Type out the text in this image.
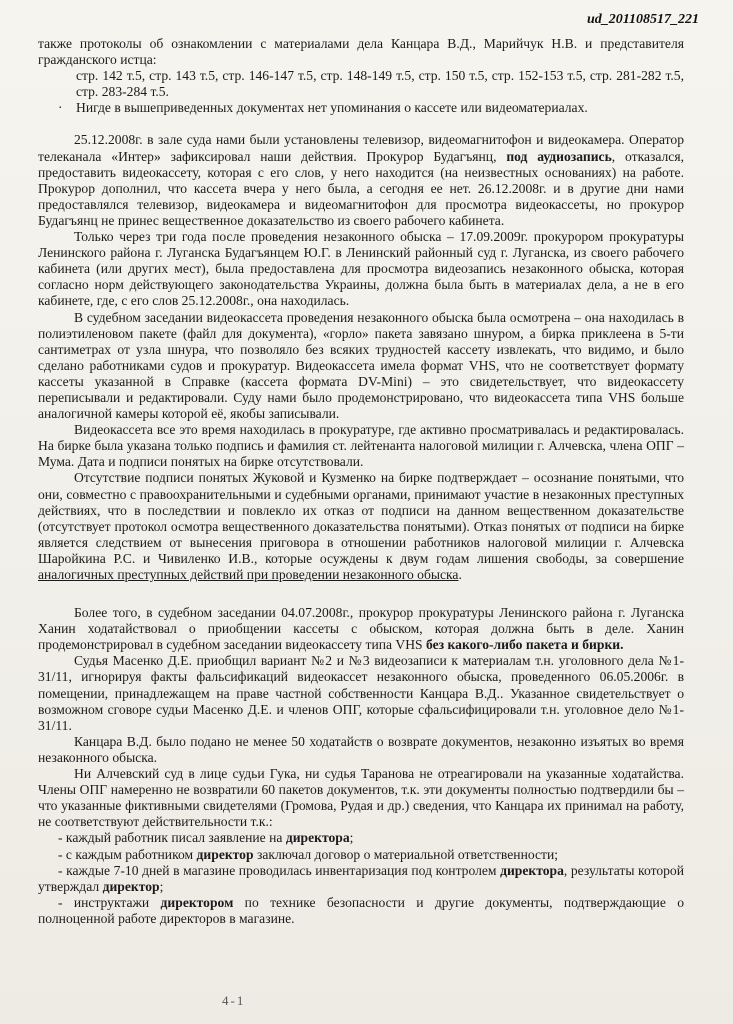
ud_201108517_221

также протоколы об ознакомлении с материалами дела Канцара В.Д., Марийчук Н.В. и представителя гражданского истца:

стр. 142 т.5, стр. 143 т.5, стр. 146-147 т.5, стр. 148-149 т.5, стр. 150 т.5, стр. 152-153 т.5, стр. 281-282 т.5, стр. 283-284 т.5.

· Нигде в вышеприведенных документах нет упоминания о кассете или видеоматериалах.

25.12.2008г. в зале суда нами были установлены телевизор, видеомагнитофон и видеокамера. Оператор телеканала «Интер» зафиксировал наши действия. Прокурор Будагъянц, под аудиозапись, отказался, предоставить видеокассету, которая с его слов, у него находится (на неизвестных основаниях) на работе. Прокурор дополнил, что кассета вчера у него была, а сегодня ее нет. 26.12.2008г. и в другие дни нами предоставлялся телевизор, видеокамера и видеомагнитофон для просмотра видеокассеты, но прокурор Будагъянц не принес вещественное доказательство из своего рабочего кабинета.

Только через три года после проведения незаконного обыска – 17.09.2009г. прокурором прокуратуры Ленинского района г. Луганска Будагъянцем Ю.Г. в Ленинский районный суд г. Луганска, из своего рабочего кабинета (или других мест), была предоставлена для просмотра видеозапись незаконного обыска, которая согласно норм действующего законодательства Украины, должна была быть в материалах дела, а не в его кабинете, где, с его слов 25.12.2008г., она находилась.

В судебном заседании видеокассета проведения незаконного обыска была осмотрена – она находилась в полиэтиленовом пакете (файл для документа), «горло» пакета завязано шнуром, а бирка приклеена в 5-ти сантиметрах от узла шнура, что позволяло без всяких трудностей кассету извлекать, что видимо, и было сделано работниками судов и прокуратур. Видеокассета имела формат VHS, что не соответствует формату кассеты указанной в Справке (кассета формата DV-Mini) – это свидетельствует, что видеокассету переписывали и редактировали. Суду нами было продемонстрировано, что видеокассета типа VHS больше аналогичной камеры которой её, якобы записывали.

Видеокассета все это время находилась в прокуратуре, где активно просматривалась и редактировалась. На бирке была указана только подпись и фамилия ст. лейтенанта налоговой милиции г. Алчевска, члена ОПГ – Мума. Дата и подписи понятых на бирке отсутствовали.

Отсутствие подписи понятых Жуковой и Кузменко на бирке подтверждает – осознание понятыми, что они, совместно с правоохранительными и судебными органами, принимают участие в незаконных преступных действиях, что в последствии и повлекло их отказ от подписи на данном вещественном доказательстве (отсутствует протокол осмотра вещественного доказательства понятыми). Отказ понятых от подписи на бирке является следствием от вынесения приговора в отношении работников налоговой милиции г. Алчевска Шаройкина Р.С. и Чивиленко И.В., которые осуждены к двум годам лишения свободы, за совершение аналогичных преступных действий при проведении незаконного обыска.

Более того, в судебном заседании 04.07.2008г., прокурор прокуратуры Ленинского района г. Луганска Ханин ходатайствовал о приобщении кассеты с обыском, которая должна быть в деле. Ханин продемонстрировал в судебном заседании видеокассету типа VHS без какого-либо пакета и бирки.

Судья Масенко Д.Е. приобщил вариант №2 и №3 видеозаписи к материалам т.н. уголовного дела №1-31/11, игнорируя факты фальсификаций видеокассет незаконного обыска, проведенного 06.05.2006г. в помещении, принадлежащем на праве частной собственности Канцара В.Д.. Указанное свидетельствует о возможном сговоре судьи Масенко Д.Е. и членов ОПГ, которые сфальсифицировали т.н. уголовное дело №1-31/11.

Канцара В.Д. было подано не менее 50 ходатайств о возврате документов, незаконно изъятых во время незаконного обыска.

Ни Алчевский суд в лице судьи Гука, ни судья Таранова не отреагировали на указанные ходатайства. Члены ОПГ намеренно не возвратили 60 пакетов документов, т.к. эти документы полностью подтвердили бы – что указанные фиктивными свидетелями (Громова, Рудая и др.) сведения, что Канцара их принимал на работу, не соответствуют действительности т.к.:

- каждый работник писал заявление на директора;

- с каждым работником директор заключал договор о материальной ответственности;

- каждые 7-10 дней в магазине проводилась инвентаризация под контролем директора, результаты которой утверждал директор;

- инструктажи директором по технике безопасности и другие документы, подтверждающие о полноценной работе директоров в магазине.

4-1
